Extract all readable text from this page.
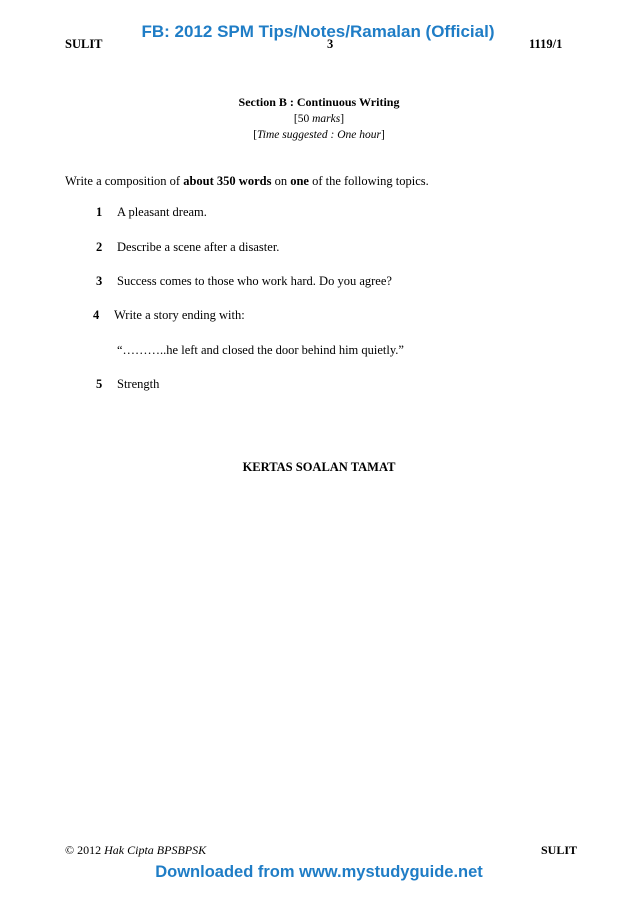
FB: 2012 SPM Tips/Notes/Ramalan (Official)
SULIT	3	1119/1
Section B : Continuous Writing
[50 marks]
[Time suggested : One hour]
Write a composition of about 350 words on one of the following topics.
1 A pleasant dream.
2 Describe a scene after a disaster.
3 Success comes to those who work hard. Do you agree?
4 Write a story ending with:
“………..he left and closed the door behind him quietly.”
5 Strength
KERTAS SOALAN TAMAT
© 2012 Hak Cipta BPSBPSK	SULIT
Downloaded from www.mystudyguide.net
